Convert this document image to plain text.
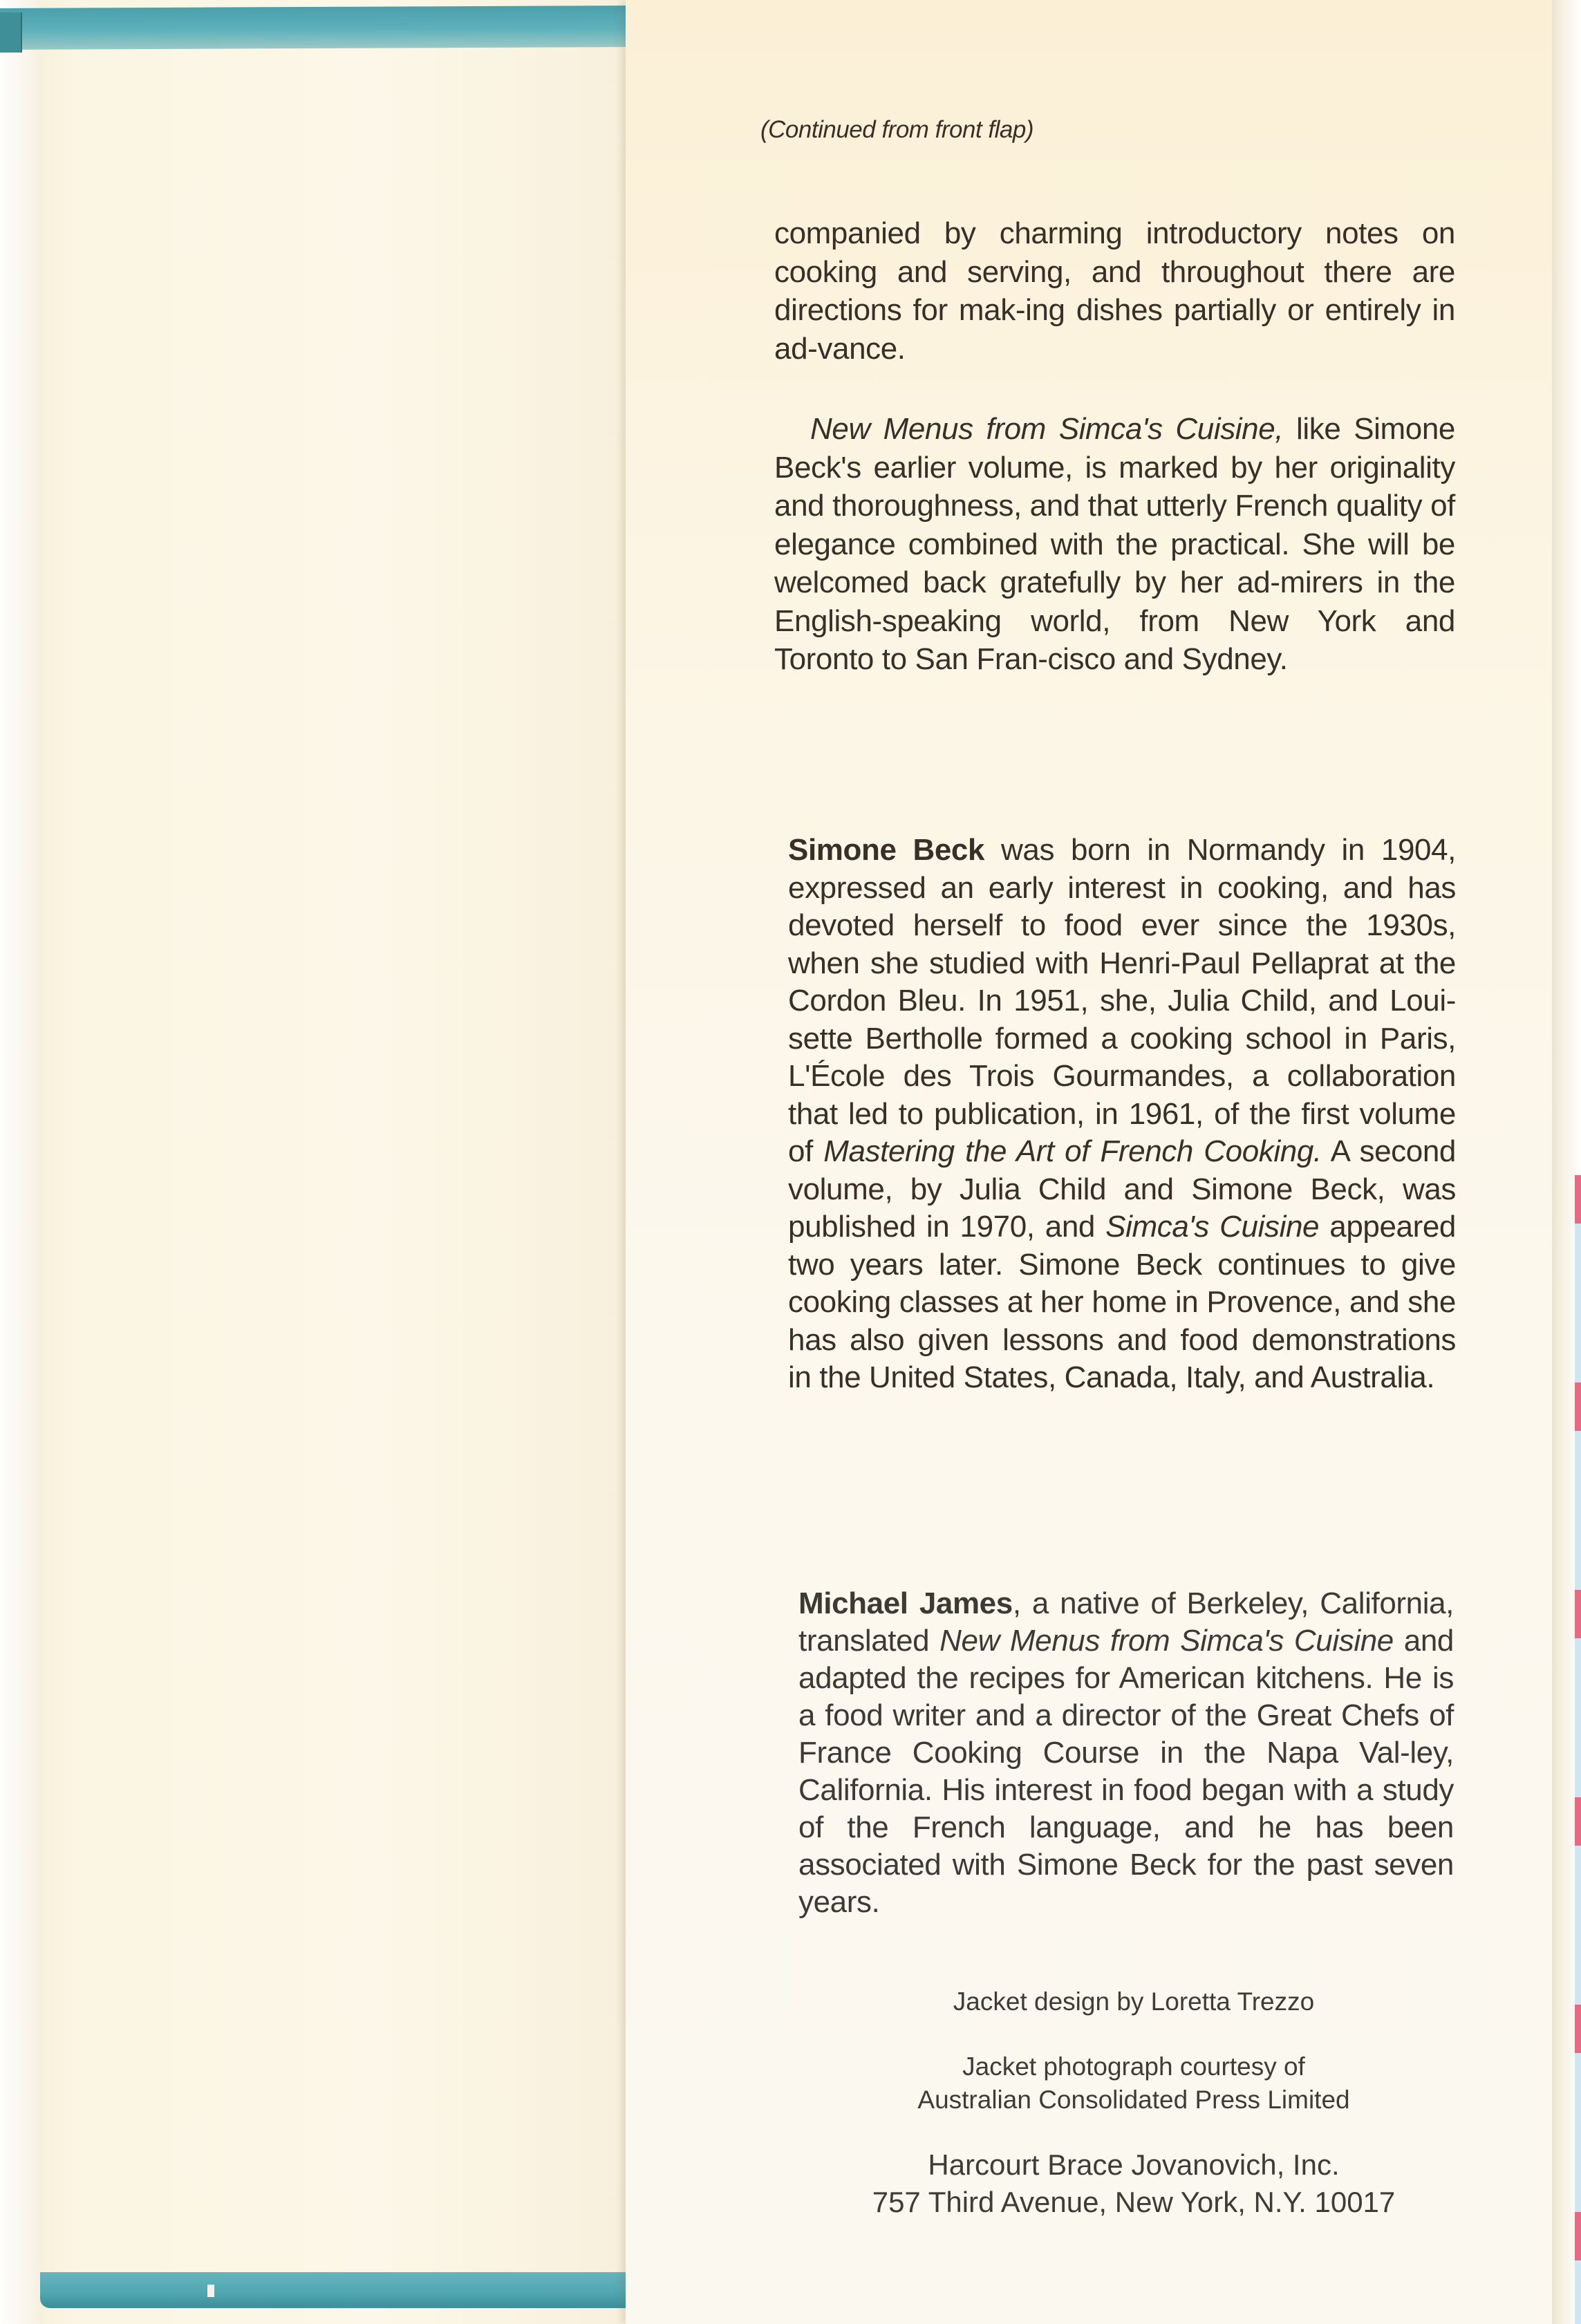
(Continued from front flap)

companied by charming introductory notes on cooking and serving, and throughout there are directions for mak-ing dishes partially or entirely in ad-vance.

New Menus from Simca's Cuisine, like Simone Beck's earlier volume, is marked by her originality and thoroughness, and that utterly French quality of elegance combined with the practical. She will be welcomed back gratefully by her ad-mirers in the English-speaking world, from New York and Toronto to San Fran-cisco and Sydney.

Simone Beck was born in Normandy in 1904, expressed an early interest in cooking, and has devoted herself to food ever since the 1930s, when she studied with Henri-Paul Pellaprat at the Cordon Bleu. In 1951, she, Julia Child, and Loui-sette Bertholle formed a cooking school in Paris, L'École des Trois Gourmandes, a collaboration that led to publication, in 1961, of the first volume of Mastering the Art of French Cooking. A second volume, by Julia Child and Simone Beck, was published in 1970, and Simca's Cuisine appeared two years later. Simone Beck continues to give cooking classes at her home in Provence, and she has also given lessons and food demonstrations in the United States, Canada, Italy, and Australia.

Michael James, a native of Berkeley, California, translated New Menus from Simca's Cuisine and adapted the recipes for American kitchens. He is a food writer and a director of the Great Chefs of France Cooking Course in the Napa Val-ley, California. His interest in food began with a study of the French language, and he has been associated with Simone Beck for the past seven years.

Jacket design by Loretta Trezzo
Jacket photograph courtesy of
Australian Consolidated Press Limited
Harcourt Brace Jovanovich, Inc.
757 Third Avenue, New York, N.Y. 10017
